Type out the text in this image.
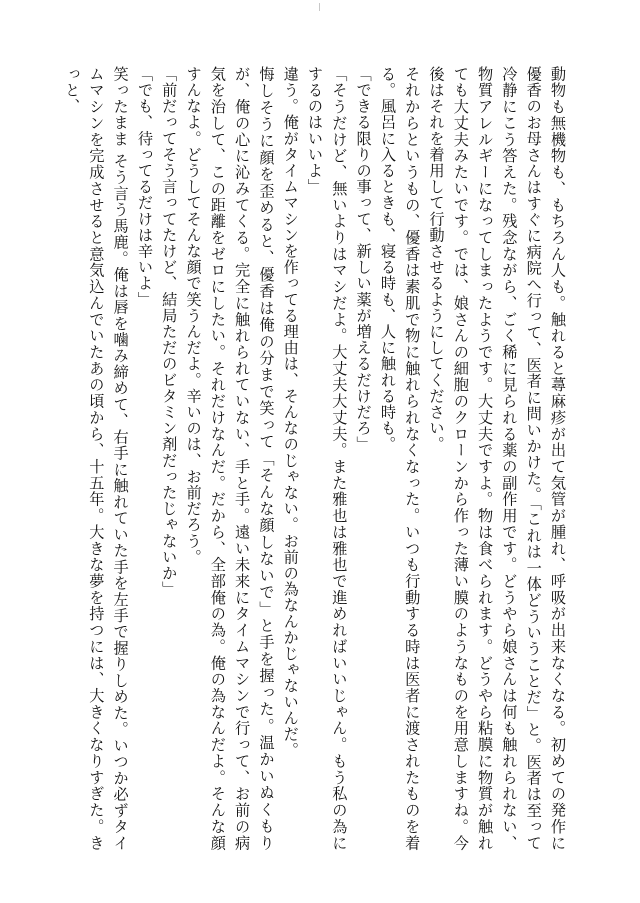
動物も無機物も、もちろん人も。触れると蕁麻疹が出て気管が腫れ、呼吸が出来なくなる。初めての発作に優香のお母さんはすぐに病院へ行って、医者に問いかけた。「これは一体どういうことだ」と。医者は至って冷静にこう答えた。残念ながら、ごく稀に見られる薬の副作用です。どうやら娘さんは何も触れられない、物質アレルギーになってしまったようです。大丈夫ですよ。物は食べられます。どうやら粘膜に物質が触れても大丈夫みたいです。では、娘さんの細胞のクローンから作った薄い膜のようなものを用意しますね。今後はそれを着用して行動させるようにしてください。

それからというもの、優香は素肌で物に触れられなくなった。いつも行動する時は医者に渡されたものを着る。風呂に入るときも、寝る時も、人に触れる時も。

「できる限りの事って、新しい薬が増えるだけだろ」

「そうだけど、無いよりはマシだよ。大丈夫大丈夫。また雅也は雅也で進めればいいじゃん。もう私の為にするのはいいよ」

違う。俺がタイムマシンを作ってる理由は、そんなのじゃない。お前の為なんかじゃないんだ。

悔しそうに顔を歪めると、優香は俺の分まで笑って「そんな顔しないで」と手を握った。温かいぬくもりが、俺の心に沁みてくる。完全に触れられていない、手と手。遠い未来にタイムマシンで行って、お前の病気を治して、この距離をゼロにしたい。それだけなんだ。だから、全部俺の為。俺の為なんだよ。そんな顔すんなよ。どうしてそんな顔で笑うんだよ。辛いのは、お前だろう。

「前だってそう言ってたけど、結局ただのビタミン剤だったじゃないか」

「でも、待ってるだけは辛いよ」

笑ったまま そう言う馬鹿。俺は唇を噛み締めて、右手に触れていた手を左手で握りしめた。いつか必ずタイムマシンを完成させると意気込んでいたあの頃から、十五年。大きな夢を持つには、大きくなりすぎた。きっと、
